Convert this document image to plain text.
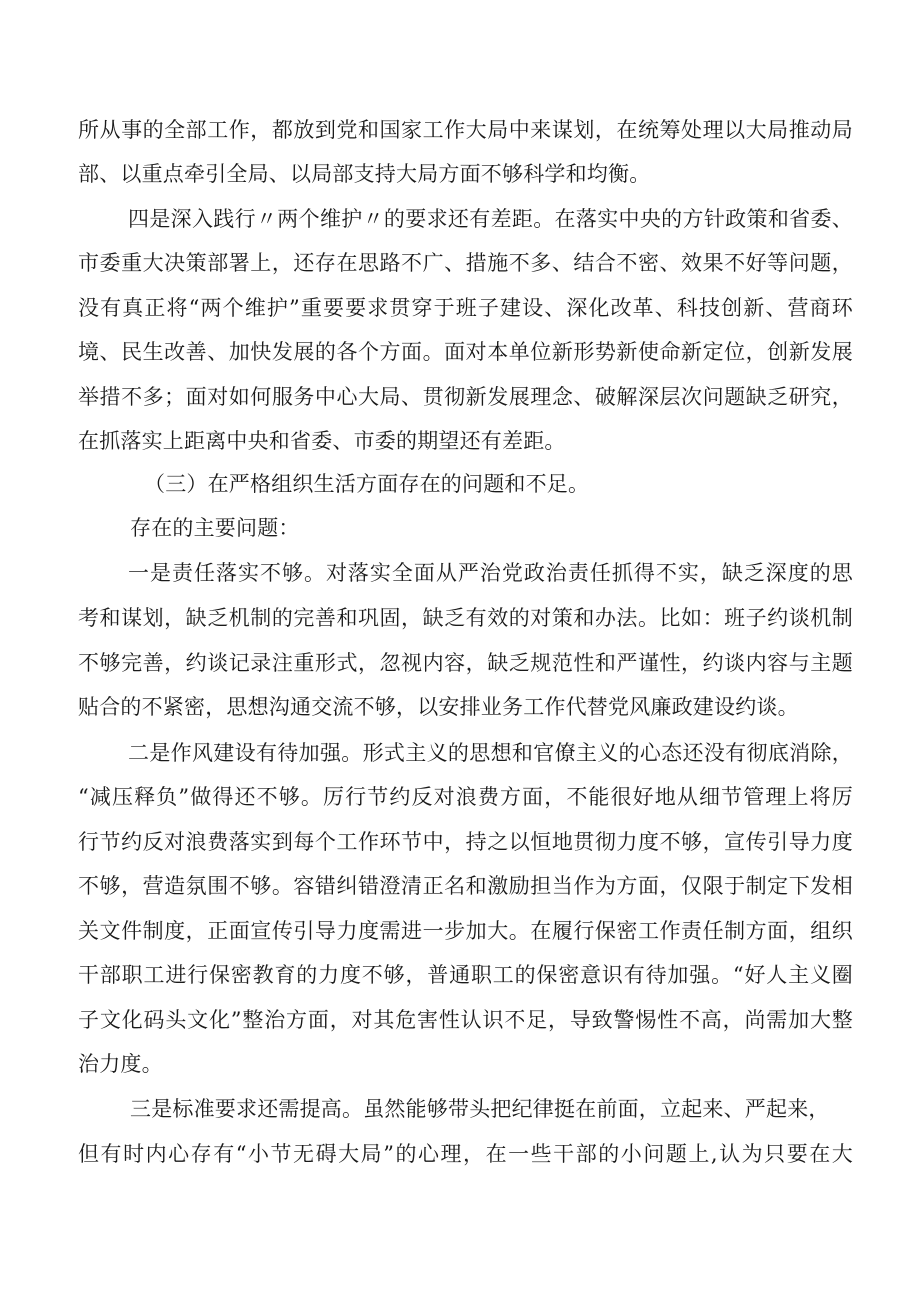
所从事的全部工作，都放到党和国家工作大局中来谋划，在统筹处理以大局推动局
部、以重点牵引全局、以局部支持大局方面不够科学和均衡。
四是深入践行〃两个维护〃的要求还有差距。在落实中央的方针政策和省委、
市委重大决策部署上，还存在思路不广、措施不多、结合不密、效果不好等问题，
没有真正将“两个维护”重要要求贯穿于班子建设、深化改革、科技创新、营商环
境、民生改善、加快发展的各个方面。面对本单位新形势新使命新定位，创新发展
举措不多；面对如何服务中心大局、贯彻新发展理念、破解深层次问题缺乏研究，
在抓落实上距离中央和省委、市委的期望还有差距。
（三）在严格组织生活方面存在的问题和不足。
存在的主要问题：
一是责任落实不够。对落实全面从严治党政治责任抓得不实，缺乏深度的思
考和谋划，缺乏机制的完善和巩固，缺乏有效的对策和办法。比如：班子约谈机制
不够完善，约谈记录注重形式，忽视内容，缺乏规范性和严谨性，约谈内容与主题
贴合的不紧密，思想沟通交流不够，以安排业务工作代替党风廉政建设约谈。
二是作风建设有待加强。形式主义的思想和官僚主义的心态还没有彻底消除，
“减压释负”做得还不够。厉行节约反对浪费方面，不能很好地从细节管理上将厉
行节约反对浪费落实到每个工作环节中，持之以恒地贯彻力度不够，宣传引导力度
不够，营造氛围不够。容错纠错澄清正名和激励担当作为方面，仅限于制定下发相
关文件制度，正面宣传引导力度需进一步加大。在履行保密工作责任制方面，组织
干部职工进行保密教育的力度不够，普通职工的保密意识有待加强。“好人主义圈
子文化码头文化”整治方面，对其危害性认识不足，导致警惕性不高，尚需加大整
治力度。
三是标准要求还需提高。虽然能够带头把纪律挺在前面，立起来、严起来，
但有时内心存有“小节无碍大局”的心理，在一些干部的小问题上,认为只要在大
